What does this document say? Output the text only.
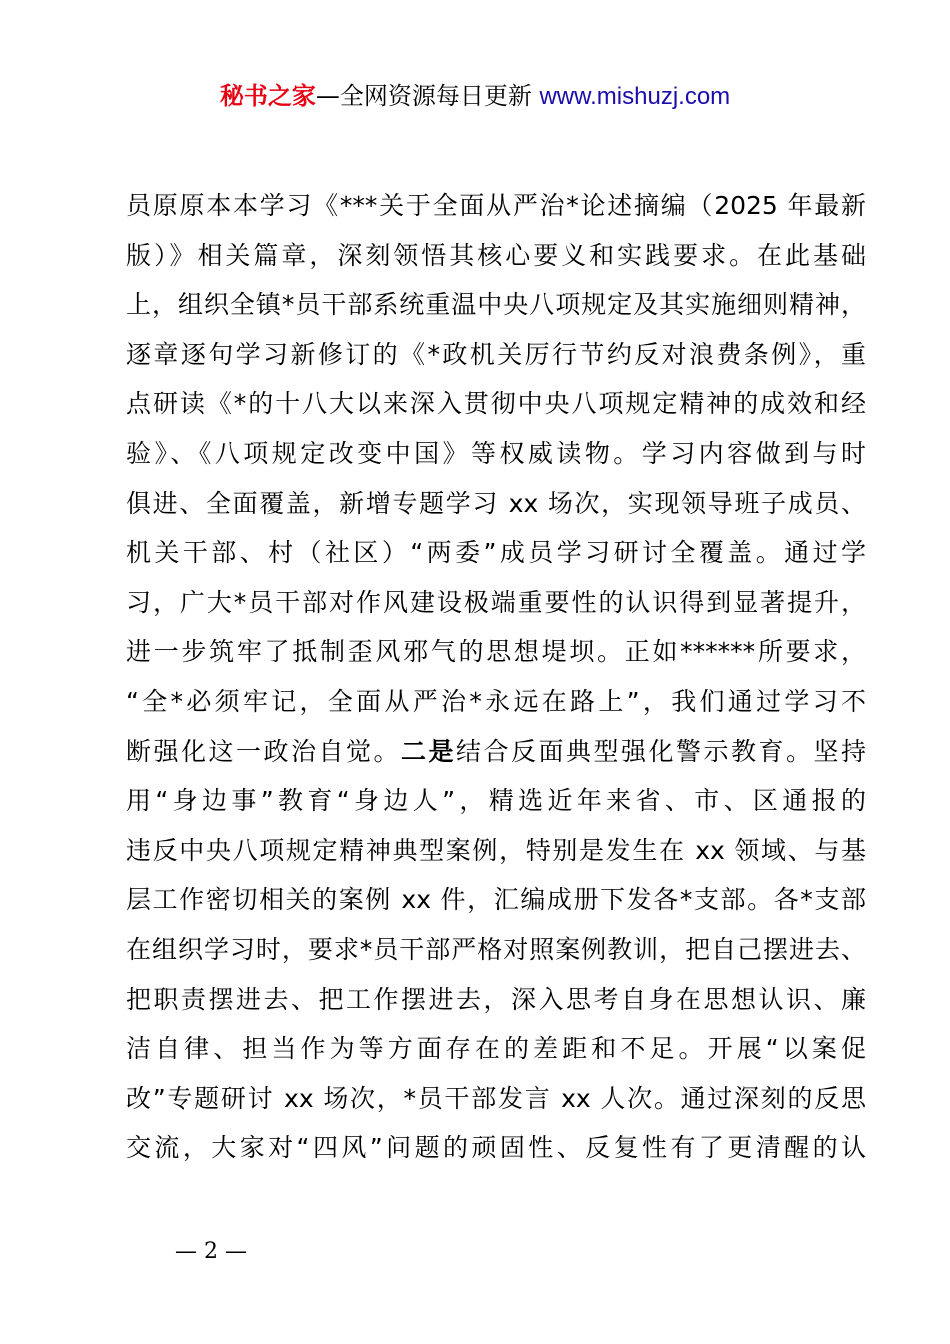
秘书之家—全网资源每日更新 www.mishuzj.com
员原原本本学习《***关于全面从严治*论述摘编（2025 年最新
版）》相关篇章，深刻领悟其核心要义和实践要求。在此基础
上，组织全镇*员干部系统重温中央八项规定及其实施细则精神，
逐章逐句学习新修订的《*政机关厉行节约反对浪费条例》，重
点研读《*的十八大以来深入贯彻中央八项规定精神的成效和经
验》、《八项规定改变中国》等权威读物。学习内容做到与时
俱进、全面覆盖，新增专题学习 xx 场次，实现领导班子成员、
机关干部、村（社区）“两委”成员学习研讨全覆盖。通过学
习，广大*员干部对作风建设极端重要性的认识得到显著提升，
进一步筑牢了抵制歪风邪气的思想堤坝。正如******所要求，
“全*必须牢记，全面从严治*永远在路上”，我们通过学习不
断强化这一政治自觉。二是结合反面典型强化警示教育。坚持
用“身边事”教育“身边人”，精选近年来省、市、区通报的
违反中央八项规定精神典型案例，特别是发生在 xx 领域、与基
层工作密切相关的案例 xx 件，汇编成册下发各*支部。各*支部
在组织学习时，要求*员干部严格对照案例教训，把自己摆进去、
把职责摆进去、把工作摆进去，深入思考自身在思想认识、廉
洁自律、担当作为等方面存在的差距和不足。开展“以案促
改”专题研讨 xx 场次，*员干部发言 xx 人次。通过深刻的反思
交流，大家对“四风”问题的顽固性、反复性有了更清醒的认
— 2 —
